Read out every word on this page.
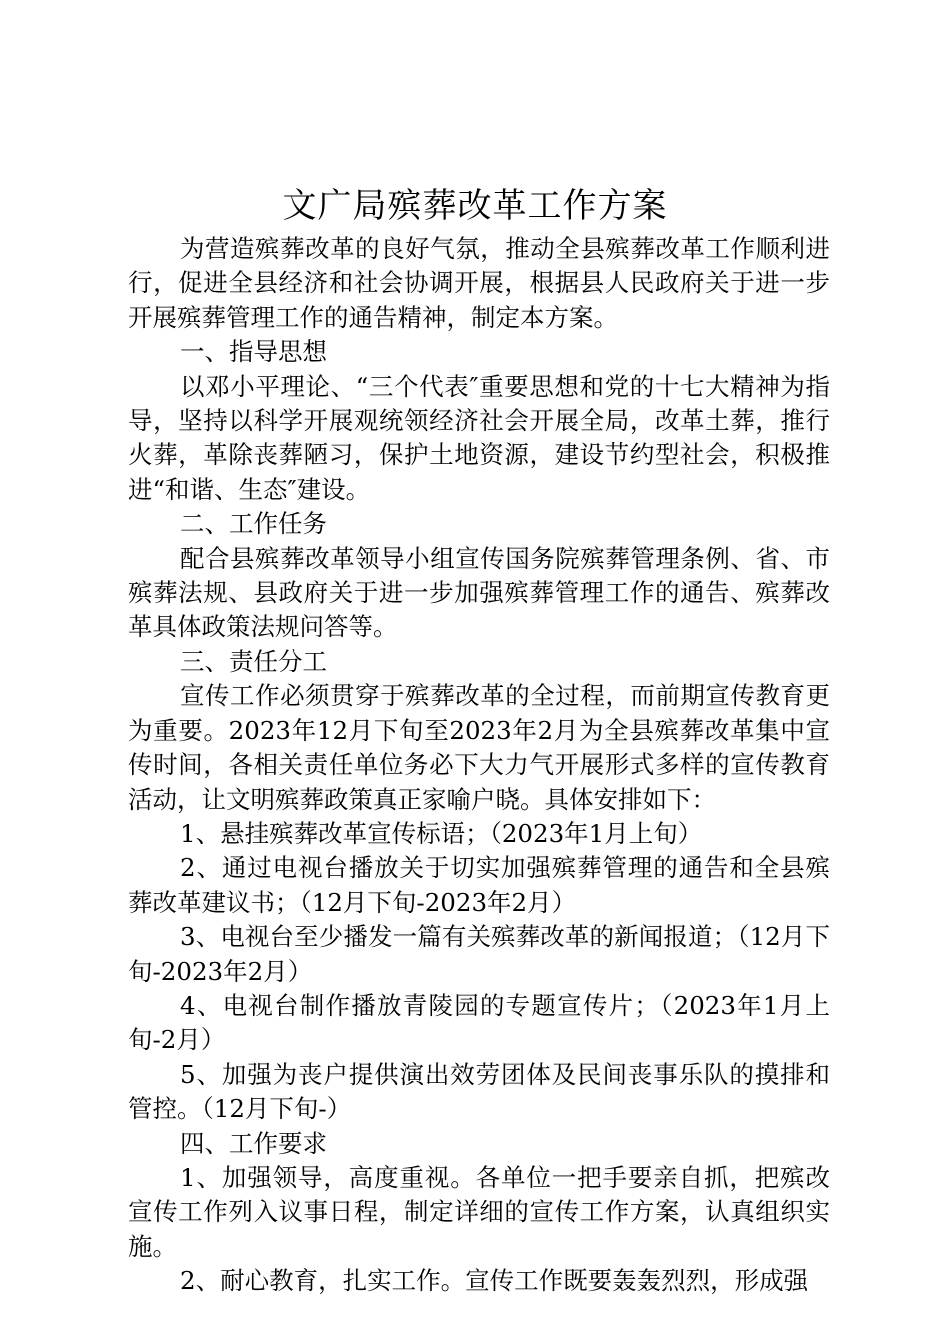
文广局殡葬改革工作方案

为营造殡葬改革的良好气氛，推动全县殡葬改革工作顺利进行，促进全县经济和社会协调开展，根据县人民政府关于进一步开展殡葬管理工作的通告精神，制定本方案。

一、指导思想

以邓小平理论、“三个代表″重要思想和党的十七大精神为指导，坚持以科学开展观统领经济社会开展全局，改革土葬，推行火葬，革除丧葬陋习，保护土地资源，建设节约型社会，积极推进“和谐、生态″建设。

二、工作任务

配合县殡葬改革领导小组宣传国务院殡葬管理条例、省、市殡葬法规、县政府关于进一步加强殡葬管理工作的通告、殡葬改革具体政策法规问答等。

三、责任分工

宣传工作必须贯穿于殡葬改革的全过程，而前期宣传教育更为重要。2023年12月下旬至2023年2月为全县殡葬改革集中宣传时间，各相关责任单位务必下大力气开展形式多样的宣传教育活动，让文明殡葬政策真正家喻户晓。具体安排如下：

1、悬挂殡葬改革宣传标语；（2023年1月上旬）

2、通过电视台播放关于切实加强殡葬管理的通告和全县殡葬改革建议书；（12月下旬-2023年2月）

3、电视台至少播发一篇有关殡葬改革的新闻报道；（12月下旬-2023年2月）

4、电视台制作播放青陵园的专题宣传片；（2023年1月上旬-2月）

5、加强为丧户提供演出效劳团体及民间丧事乐队的摸排和管控。（12月下旬-）

四、工作要求

1、加强领导，高度重视。各单位一把手要亲自抓，把殡改宣传工作列入议事日程，制定详细的宣传工作方案，认真组织实施。

2、耐心教育，扎实工作。宣传工作既要轰轰烈烈，形成强
